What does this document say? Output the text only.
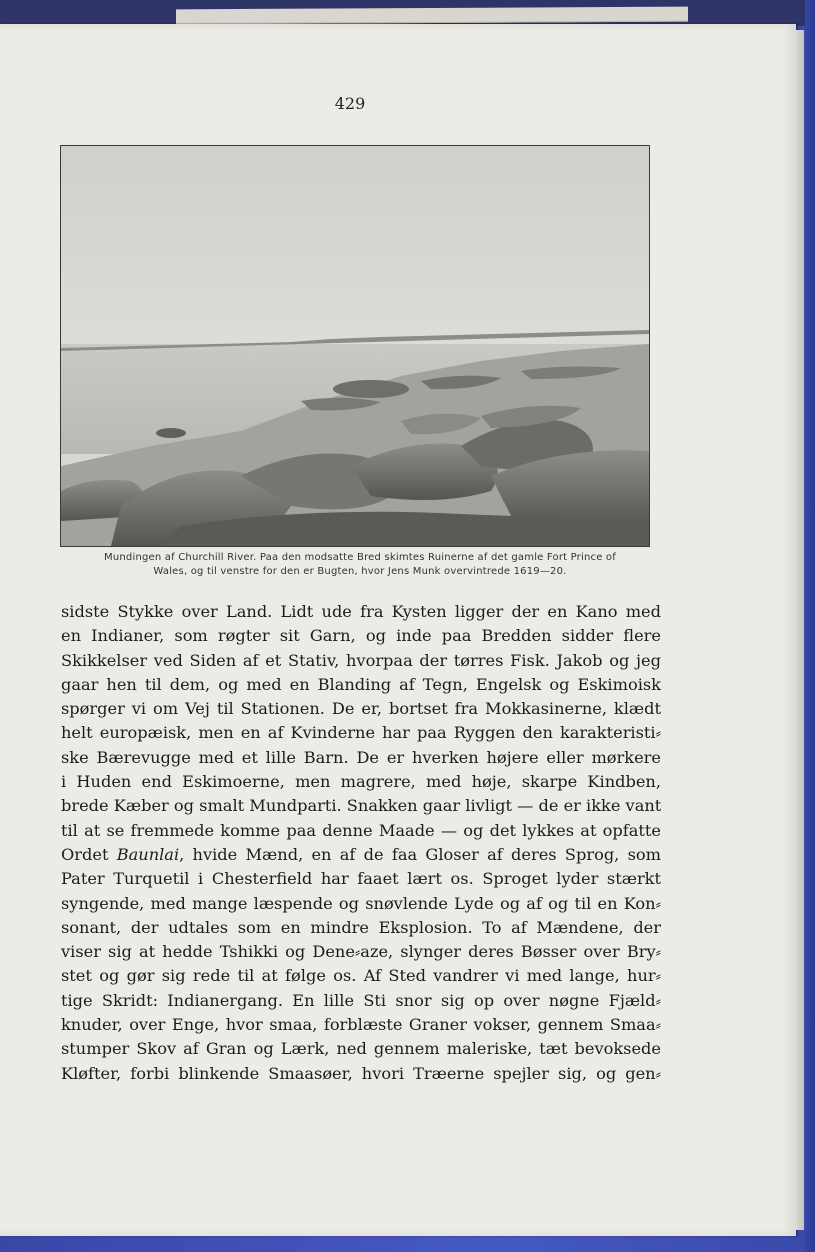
429
Mundingen af Churchill River. Paa den modsatte Bred skimtes Ruinerne af det gamle Fort Prince of
Wales, og til venstre for den er Bugten, hvor Jens Munk overvintrede 1619—20.
sidste Stykke over Land. Lidt ude fra Kysten ligger der en Kano med
en Indianer, som røgter sit Garn, og inde paa Bredden sidder flere
Skikkelser ved Siden af et Stativ, hvorpaa der tørres Fisk. Jakob og jeg
gaar hen til dem, og med en Blanding af Tegn, Engelsk og Eskimoisk
spørger vi om Vej til Stationen. De er, bortset fra Mokkasinerne, klædt
helt europæisk, men en af Kvinderne har paa Ryggen den karakteristi⸗
ske Bærevugge med et lille Barn. De er hverken højere eller mørkere
i Huden end Eskimoerne, men magrere, med høje, skarpe Kindben,
brede Kæber og smalt Mundparti. Snakken gaar livligt — de er ikke vant
til at se fremmede komme paa denne Maade — og det lykkes at opfatte
Ordet Baunlai, hvide Mænd, en af de faa Gloser af deres Sprog, som
Pater Turquetil i Chesterfield har faaet lært os. Sproget lyder stærkt
syngende, med mange læspende og snøvlende Lyde og af og til en Kon⸗
sonant, der udtales som en mindre Eksplosion. To af Mændene, der
viser sig at hedde Tshikki og Dene⸗aze, slynger deres Bøsser over Bry⸗
stet og gør sig rede til at følge os. Af Sted vandrer vi med lange, hur⸗
tige Skridt: Indianergang. En lille Sti snor sig op over nøgne Fjæld⸗
knuder, over Enge, hvor smaa, forblæste Graner vokser, gennem Smaa⸗
stumper Skov af Gran og Lærk, ned gennem maleriske, tæt bevoksede
Kløfter, forbi blinkende Smaasøer, hvori Træerne spejler sig, og gen⸗
